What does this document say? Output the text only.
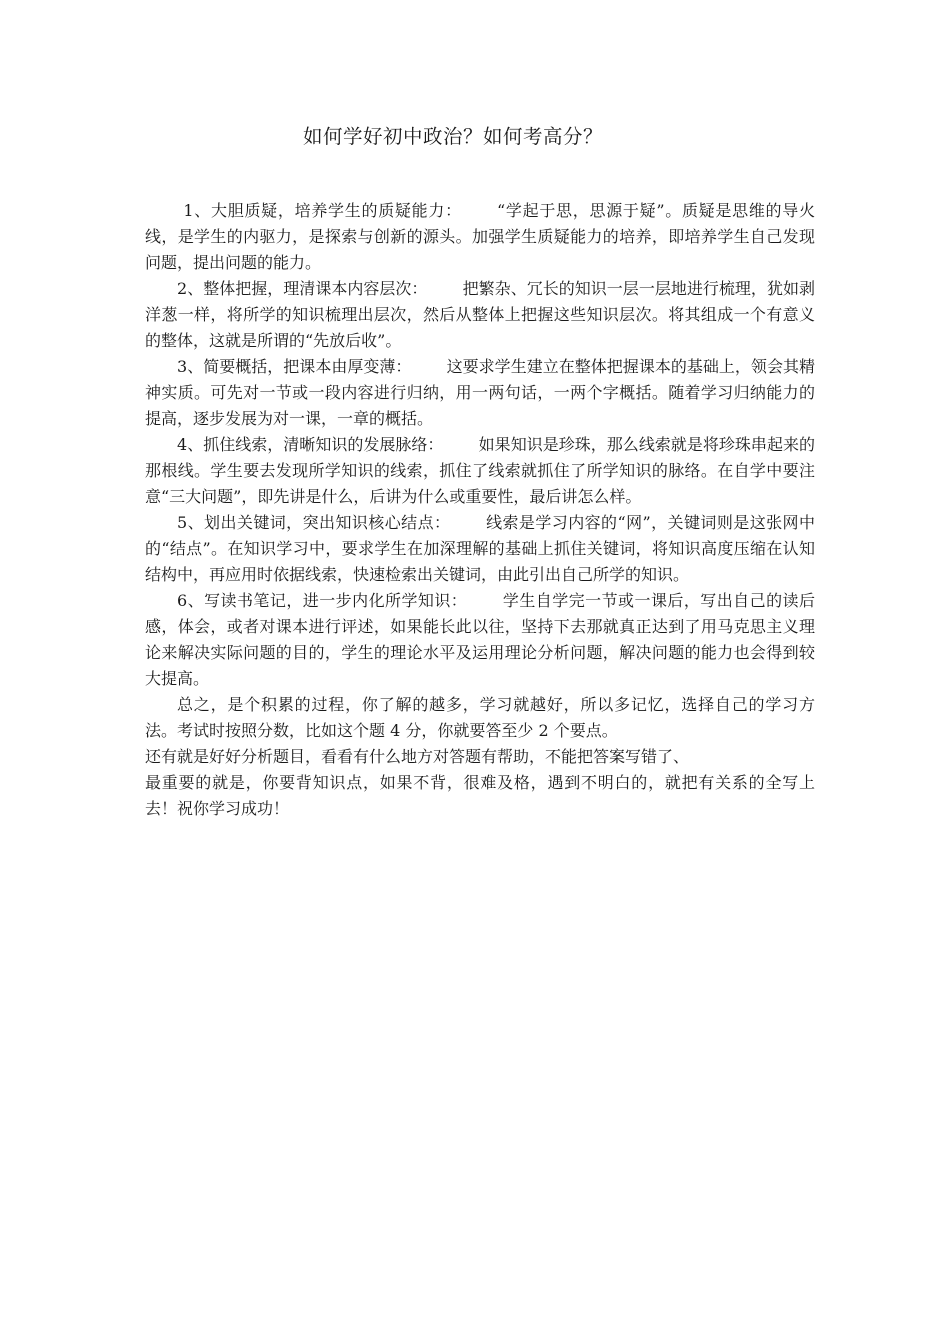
如何学好初中政治？如何考高分？

1、大胆质疑，培养学生的质疑能力： “学起于思，思源于疑”。质疑是思维的导火线，是学生的内驱力，是探索与创新的源头。加强学生质疑能力的培养，即培养学生自己发现问题，提出问题的能力。

2、整体把握，理清课本内容层次： 把繁杂、冗长的知识一层一层地进行梳理，犹如剥洋葱一样，将所学的知识梳理出层次，然后从整体上把握这些知识层次。将其组成一个有意义的整体，这就是所谓的“先放后收”。

3、简要概括，把课本由厚变薄： 这要求学生建立在整体把握课本的基础上，领会其精神实质。可先对一节或一段内容进行归纳，用一两句话，一两个字概括。随着学习归纳能力的提高，逐步发展为对一课，一章的概括。

4、抓住线索，清晰知识的发展脉络： 如果知识是珍珠，那么线索就是将珍珠串起来的那根线。学生要去发现所学知识的线索，抓住了线索就抓住了所学知识的脉络。在自学中要注意“三大问题”，即先讲是什么，后讲为什么或重要性，最后讲怎么样。

5、划出关键词，突出知识核心结点： 线索是学习内容的“网”，关键词则是这张网中的“结点”。在知识学习中，要求学生在加深理解的基础上抓住关键词，将知识高度压缩在认知结构中，再应用时依据线索，快速检索出关键词，由此引出自己所学的知识。

6、写读书笔记，进一步内化所学知识： 学生自学完一节或一课后，写出自己的读后感，体会，或者对课本进行评述，如果能长此以往，坚持下去那就真正达到了用马克思主义理论来解决实际问题的目的，学生的理论水平及运用理论分析问题，解决问题的能力也会得到较大提高。

总之，是个积累的过程，你了解的越多，学习就越好，所以多记忆，选择自己的学习方法。考试时按照分数，比如这个题 4 分，你就要答至少 2 个要点。

还有就是好好分析题目，看看有什么地方对答题有帮助，不能把答案写错了、

最重要的就是，你要背知识点，如果不背，很难及格，遇到不明白的，就把有关系的全写上去！祝你学习成功！
